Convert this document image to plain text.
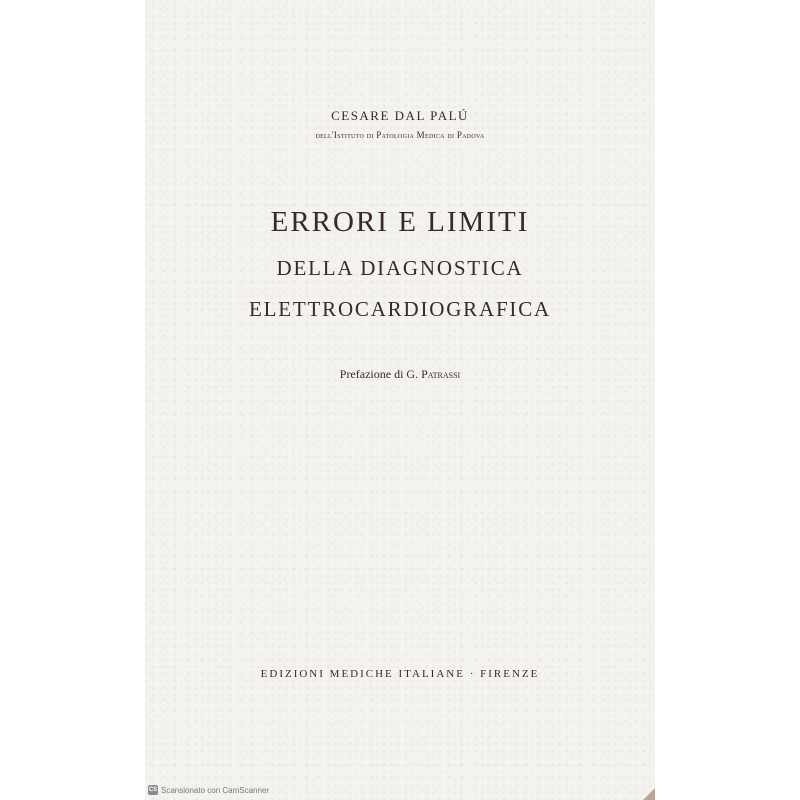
CESARE DAL PALÚ
dell'Istituto di Patologia Medica di Padova
ERRORI E LIMITI
DELLA DIAGNOSTICA
ELETTROCARDIOGRAFICA
Prefazione di G. Patrassi
EDIZIONI MEDICHE ITALIANE · FIRENZE
CS Scansionato con CamScanner
